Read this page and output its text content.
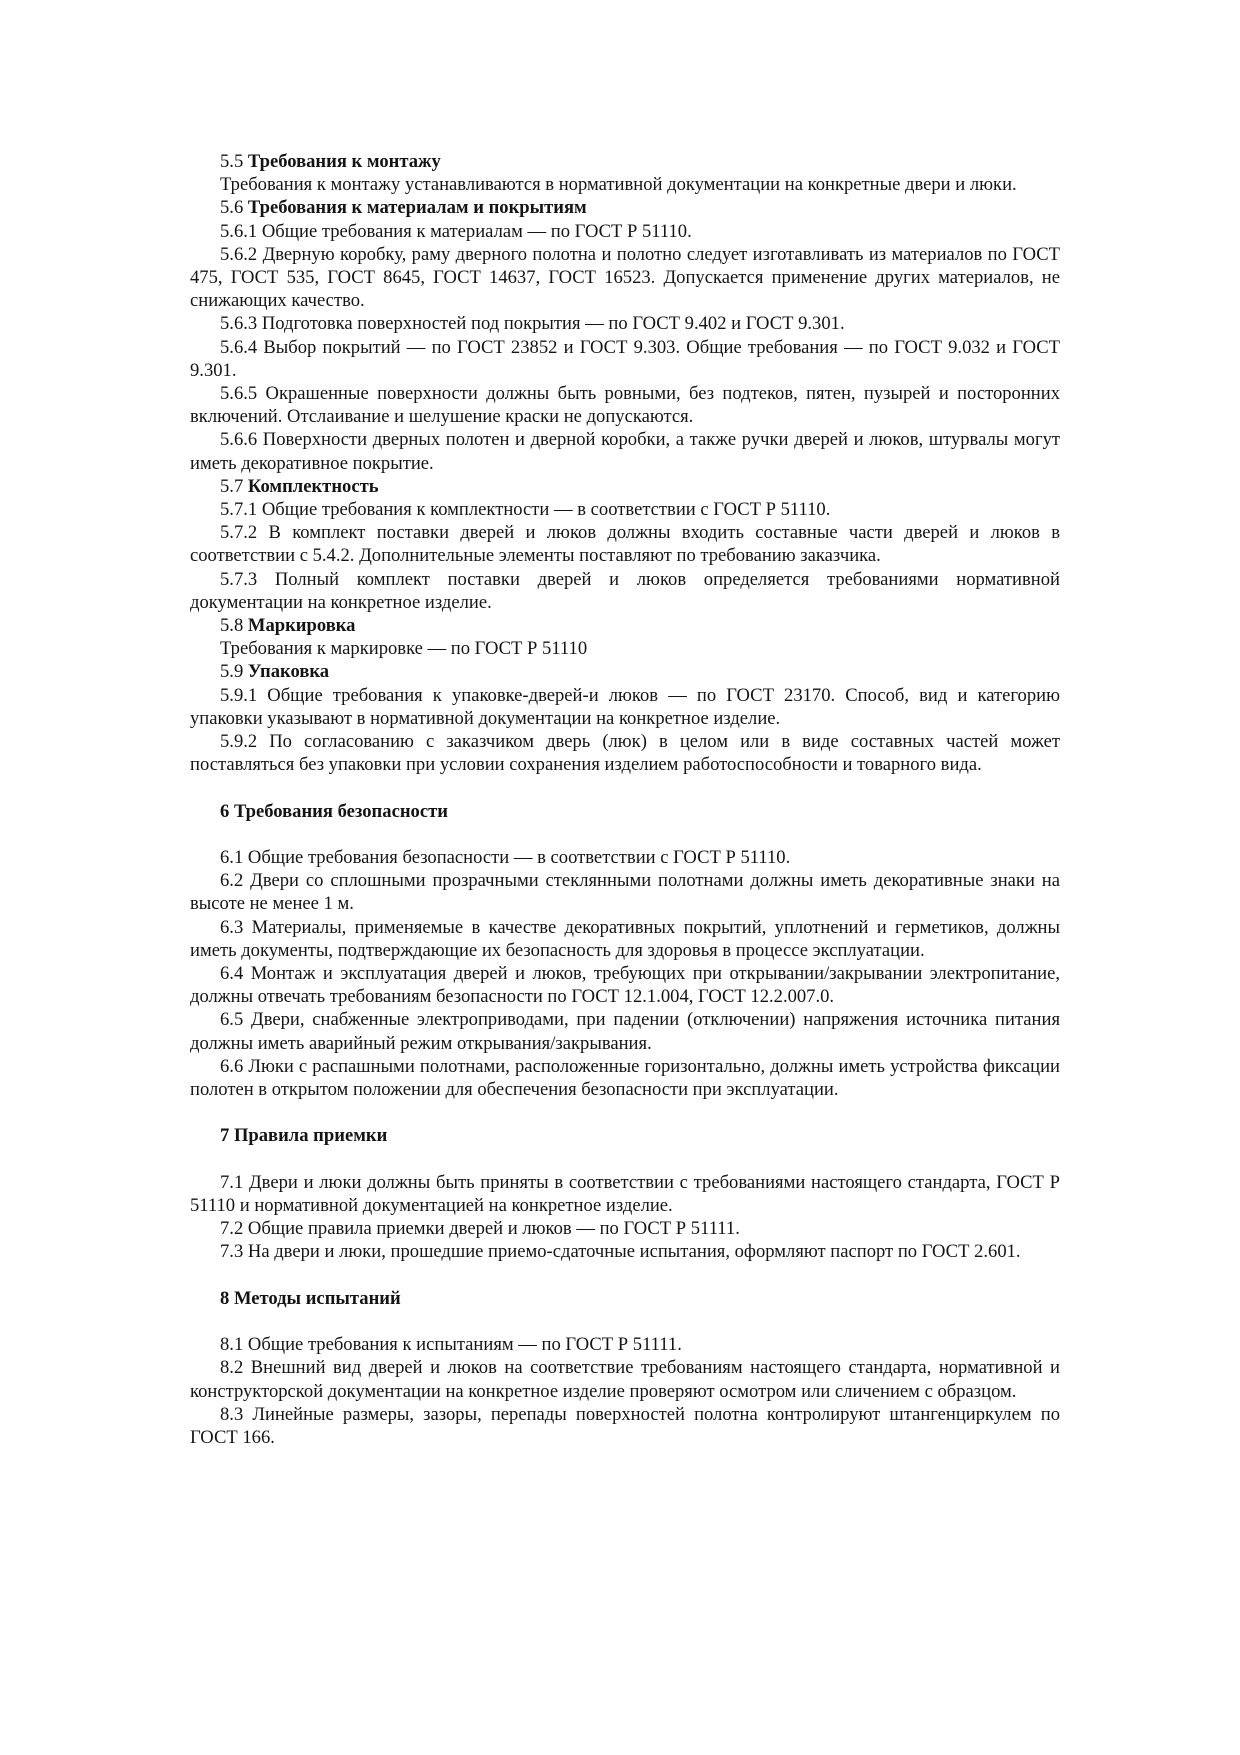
5.5 Требования к монтажу

Требования к монтажу устанавливаются в нормативной документации на конкретные двери и люки.

5.6 Требования к материалам и покрытиям

5.6.1 Общие требования к материалам — по ГОСТ Р 51110.

5.6.2 Дверную коробку, раму дверного полотна и полотно следует изготавливать из материалов по ГОСТ 475, ГОСТ 535, ГОСТ 8645, ГОСТ 14637, ГОСТ 16523. Допускается применение других материалов, не снижающих качество.

5.6.3 Подготовка поверхностей под покрытия — по ГОСТ 9.402 и ГОСТ 9.301.

5.6.4 Выбор покрытий — по ГОСТ 23852 и ГОСТ 9.303. Общие требования — по ГОСТ 9.032 и ГОСТ 9.301.

5.6.5 Окрашенные поверхности должны быть ровными, без подтеков, пятен, пузырей и посторонних включений. Отслаивание и шелушение краски не допускаются.

5.6.6 Поверхности дверных полотен и дверной коробки, а также ручки дверей и люков, штурвалы могут иметь декоративное покрытие.

5.7 Комплектность

5.7.1 Общие требования к комплектности — в соответствии с ГОСТ Р 51110.

5.7.2 В комплект поставки дверей и люков должны входить составные части дверей и люков в соответствии с 5.4.2. Дополнительные элементы поставляют по требованию заказчика.

5.7.3 Полный комплект поставки дверей и люков определяется требованиями нормативной документации на конкретное изделие.

5.8 Маркировка

Требования к маркировке — по ГОСТ Р 51110

5.9 Упаковка

5.9.1 Общие требования к упаковке-дверей-и люков — по ГОСТ 23170. Способ, вид и категорию упаковки указывают в нормативной документации на конкретное изделие.

5.9.2 По согласованию с заказчиком дверь (люк) в целом или в виде составных частей может поставляться без упаковки при условии сохранения изделием работоспособности и товарного вида.

6 Требования безопасности

6.1 Общие требования безопасности — в соответствии с ГОСТ Р 51110.

6.2 Двери со сплошными прозрачными стеклянными полотнами должны иметь декоративные знаки на высоте не менее 1 м.

6.3 Материалы, применяемые в качестве декоративных покрытий, уплотнений и герметиков, должны иметь документы, подтверждающие их безопасность для здоровья в процессе эксплуатации.

6.4 Монтаж и эксплуатация дверей и люков, требующих при открывании/закрывании электропитание, должны отвечать требованиям безопасности по ГОСТ 12.1.004, ГОСТ 12.2.007.0.

6.5 Двери, снабженные электроприводами, при падении (отключении) напряжения источника питания должны иметь аварийный режим открывания/закрывания.

6.6 Люки с распашными полотнами, расположенные горизонтально, должны иметь устройства фиксации полотен в открытом положении для обеспечения безопасности при эксплуатации.

7 Правила приемки

7.1 Двери и люки должны быть приняты в соответствии с требованиями настоящего стандарта, ГОСТ Р 51110 и нормативной документацией на конкретное изделие.

7.2 Общие правила приемки дверей и люков — по ГОСТ Р 51111.

7.3 На двери и люки, прошедшие приемо-сдаточные испытания, оформляют паспорт по ГОСТ 2.601.

8 Методы испытаний

8.1 Общие требования к испытаниям — по ГОСТ Р 51111.

8.2 Внешний вид дверей и люков на соответствие требованиям настоящего стандарта, нормативной и конструкторской документации на конкретное изделие проверяют осмотром или сличением с образцом.

8.3 Линейные размеры, зазоры, перепады поверхностей полотна контролируют штангенциркулем по ГОСТ 166.
